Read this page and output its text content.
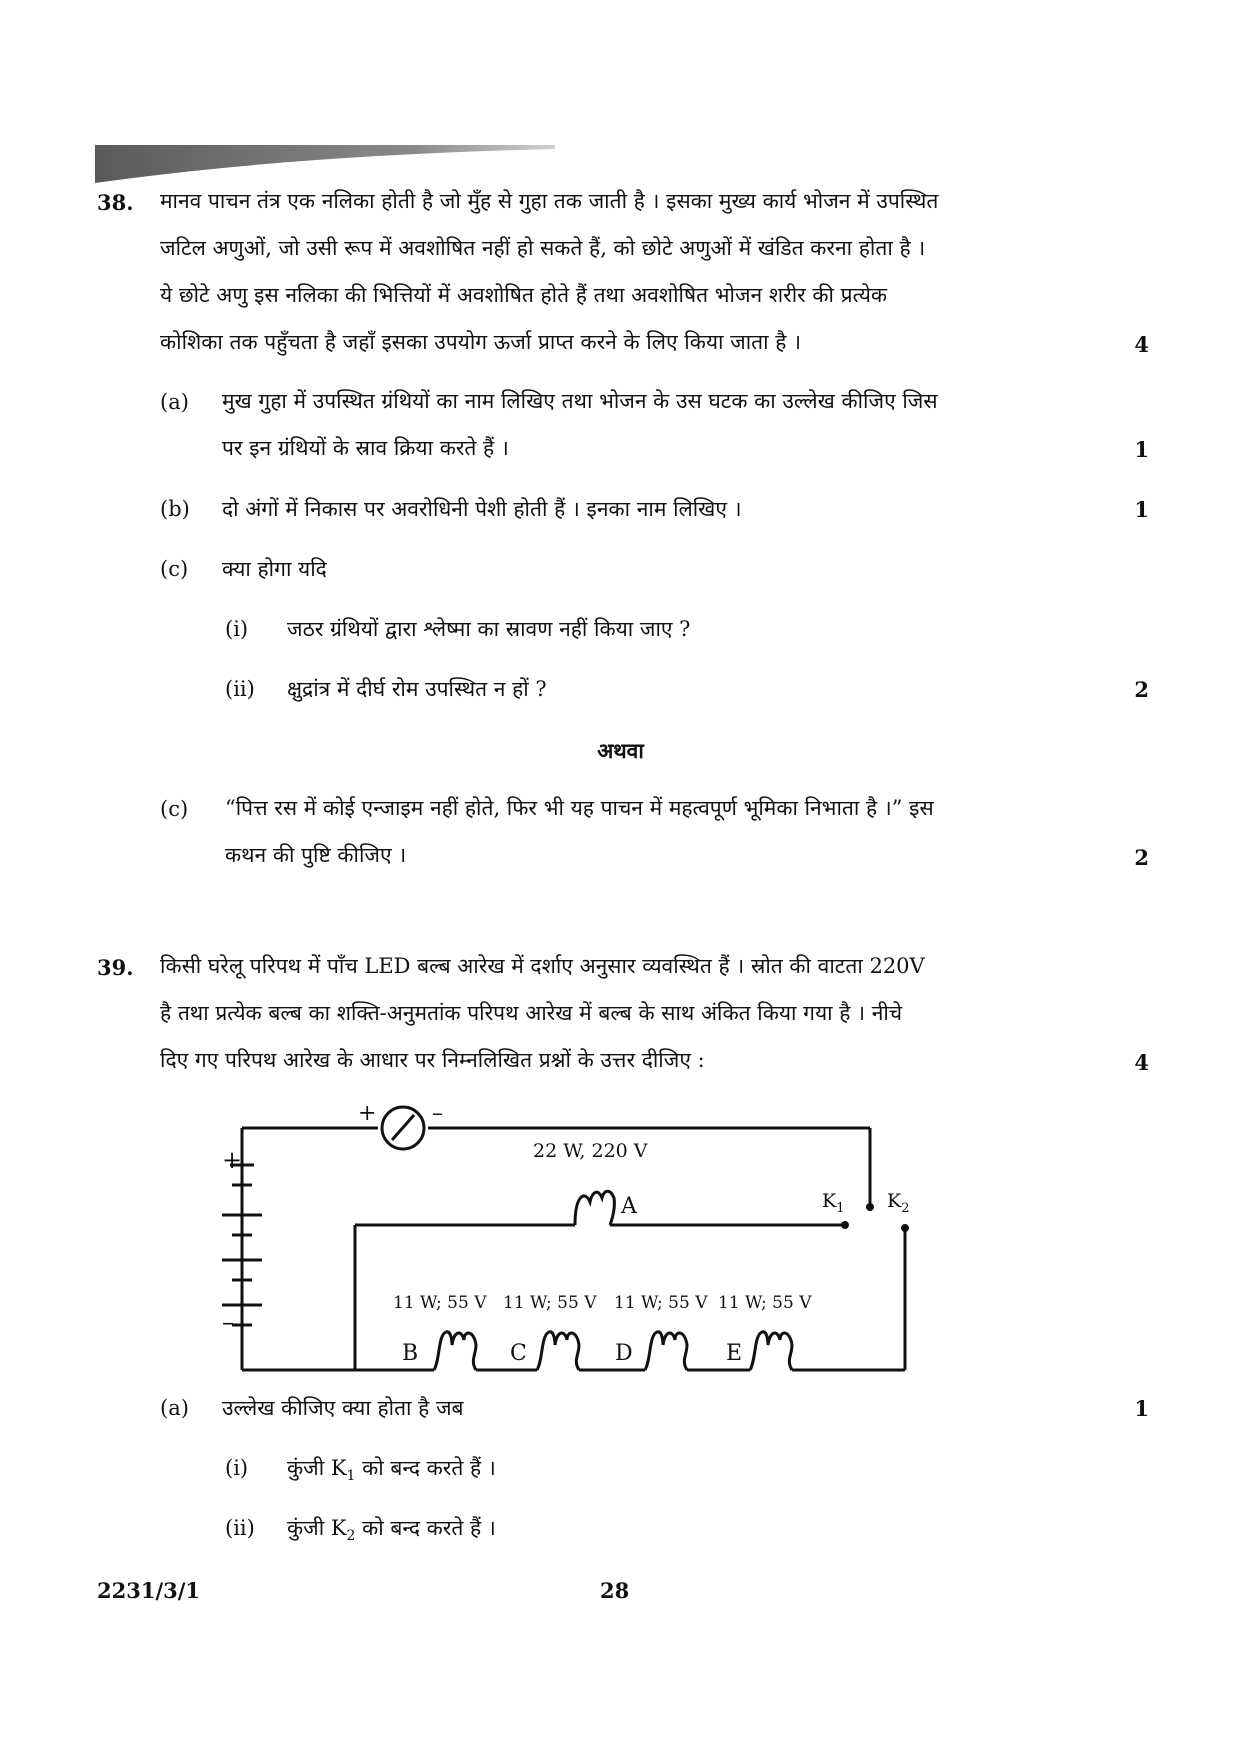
38. मानव पाचन तंत्र एक नलिका होती है जो मुँह से गुहा तक जाती है । इसका मुख्य कार्य भोजन में उपस्थित
जटिल अणुओं, जो उसी रूप में अवशोषित नहीं हो सकते हैं, को छोटे अणुओं में खंडित करना होता है ।
ये छोटे अणु इस नलिका की भित्तियों में अवशोषित होते हैं तथा अवशोषित भोजन शरीर की प्रत्येक
कोशिका तक पहुँचता है जहाँ इसका उपयोग ऊर्जा प्राप्त करने के लिए किया जाता है ।	4
(a) मुख गुहा में उपस्थित ग्रंथियों का नाम लिखिए तथा भोजन के उस घटक का उल्लेख कीजिए जिस
पर इन ग्रंथियों के स्राव क्रिया करते हैं ।	1
(b) दो अंगों में निकास पर अवरोधिनी पेशी होती हैं । इनका नाम लिखिए ।	1
(c) क्या होगा यदि
(i) जठर ग्रंथियों द्वारा श्लेष्मा का स्रावण नहीं किया जाए ?
(ii) क्षुद्रांत्र में दीर्घ रोम उपस्थित न हों ?	2
अथवा
(c) “पित्त रस में कोई एन्जाइम नहीं होते, फिर भी यह पाचन में महत्वपूर्ण भूमिका निभाता है ।” इस
कथन की पुष्टि कीजिए ।	2
39. किसी घरेलू परिपथ में पाँच LED बल्ब आरेख में दर्शाए अनुसार व्यवस्थित हैं । स्रोत की वाटता 220V
है तथा प्रत्येक बल्ब का शक्ति-अनुमतांक परिपथ आरेख में बल्ब के साथ अंकित किया गया है । नीचे
दिए गए परिपथ आरेख के आधार पर निम्नलिखित प्रश्नों के उत्तर दीजिए :	4
+
–
+	–
22 W, 220 V
A	$K_1$ $K_2$
11 W; 55 V 11 W; 55 V 11 W; 55 V 11 W; 55 V
B	C	D	E
(a) उल्लेख कीजिए क्या होता है जब	1
(i) कुंजी $K_1$ को बन्द करते हैं ।
(ii) कुंजी $K_2$ को बन्द करते हैं ।
2231/3/1	28
